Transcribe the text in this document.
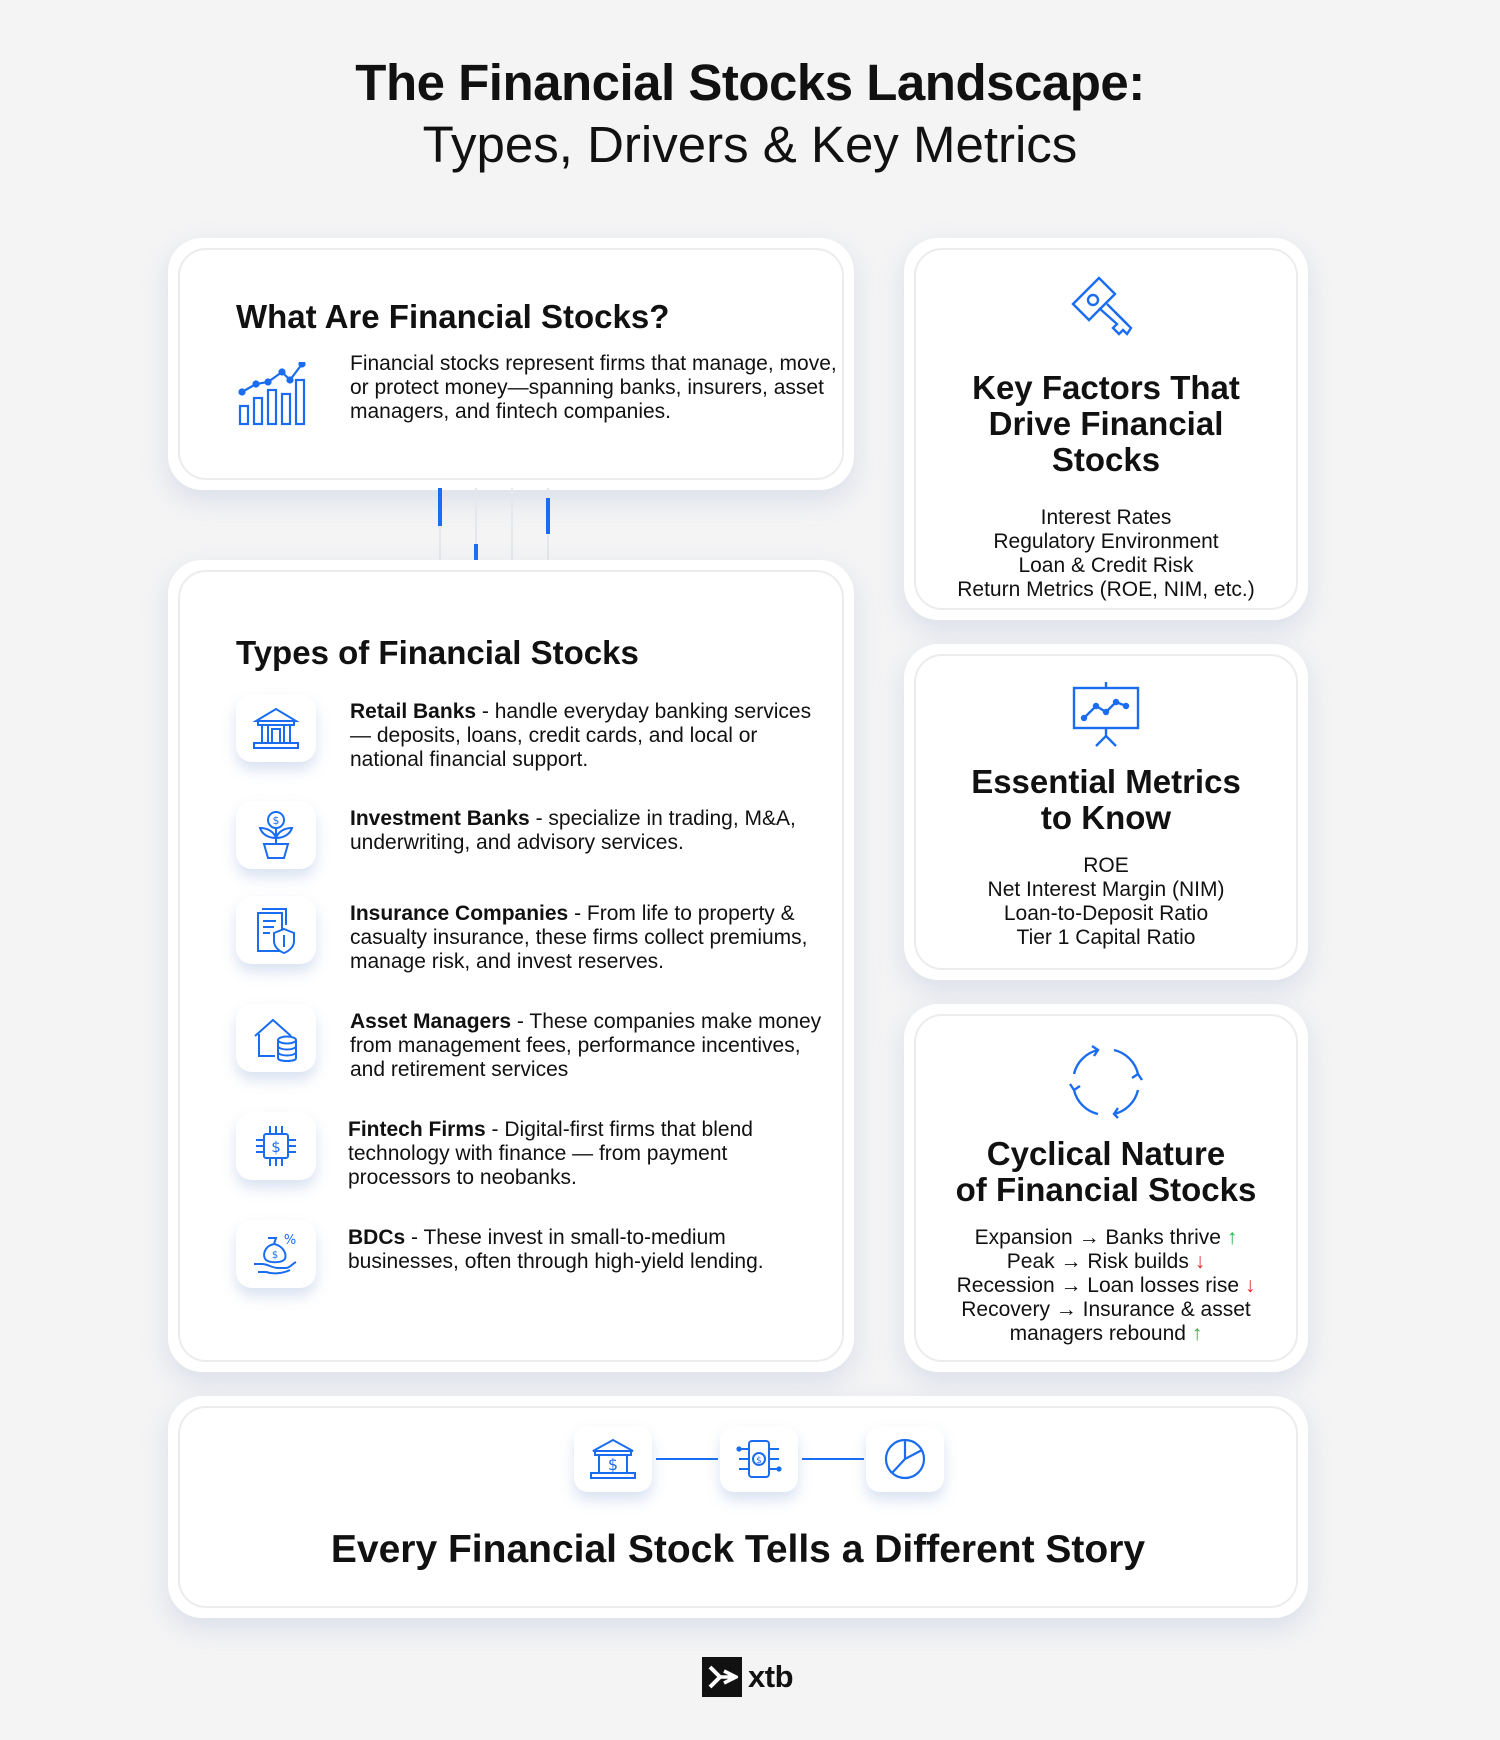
The Financial Stocks Landscape:
Types, Drivers & Key Metrics
What Are Financial Stocks?
Financial stocks represent firms that manage, move, or protect money—spanning banks, insurers, asset managers, and fintech companies.
Types of Financial Stocks
Retail Banks - handle everyday banking services — deposits, loans, credit cards, and local or national financial support.
$	Investment Banks - specialize in trading, M&A, underwriting, and advisory services.
Insurance Companies - From life to property & casualty insurance, these firms collect premiums, manage risk, and invest reserves.
Asset Managers - These companies make money from management fees, performance incentives, and retirement services
$
Fintech Firms - Digital-first firms that blend technology with finance — from payment processors to neobanks.
$
% BDCs - These invest in small-to-medium businesses, often through high-yield lending.
Key Factors That
Drive Financial
Stocks
Interest Rates
Regulatory Environment
Loan & Credit Risk
Return Metrics (ROE, NIM, etc.)
Essential Metrics
to Know
ROE
Net Interest Margin (NIM)
Loan-to-Deposit Ratio
Tier 1 Capital Ratio
Cyclical Nature
of Financial Stocks
Expansion → Banks thrive ↑
Peak → Risk builds ↓
Recession → Loan losses rise ↓
Recovery → Insurance & asset
managers rebound ↑
$	$
Every Financial Stock Tells a Different Story
xtb
